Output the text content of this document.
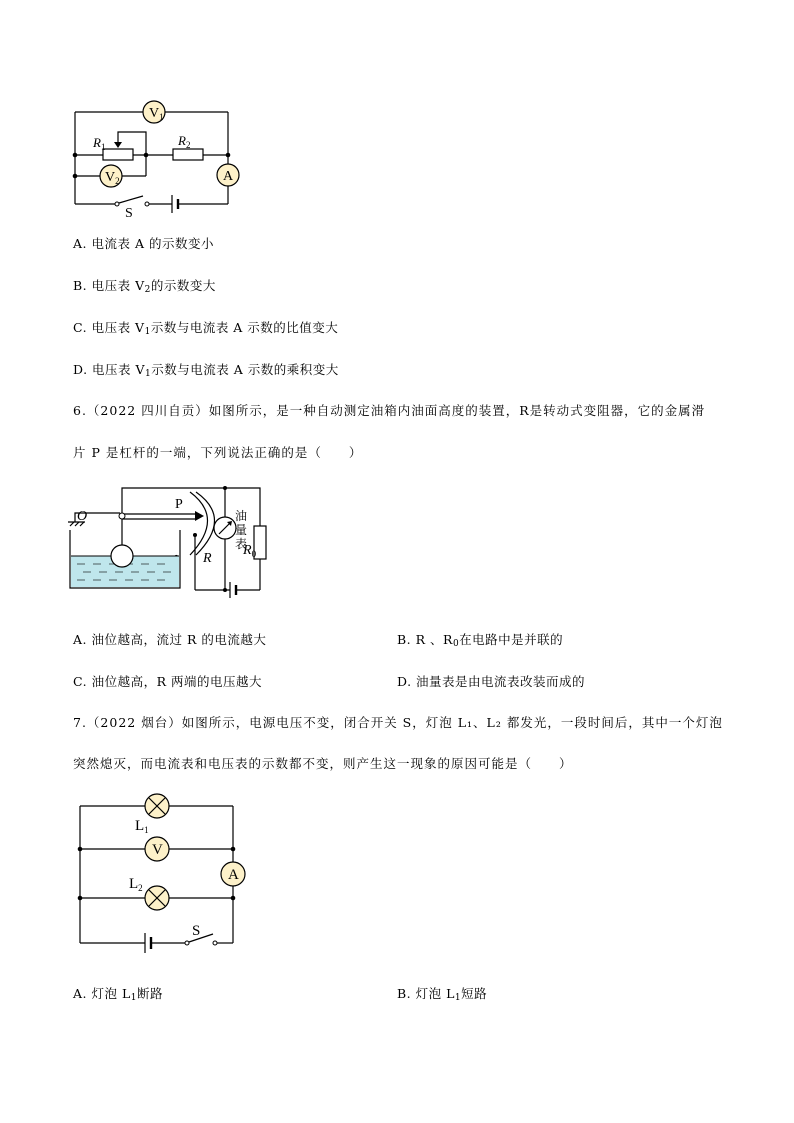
$V_1$
$V_2$	A
$R_1$	$R_2$
S
A. 电流表 A 的示数变小
B. 电压表 $V_2$的示数变大
C. 电压表 $V_1$示数与电流表 A 示数的比值变大
D. 电压表 $V_1$示数与电流表 A 示数的乘积变大
6.（2022 四川自贡）如图所示，是一种自动测定油箱内油面高度的装置，R是转动式变阻器，它的金属滑
片 P 是杠杆的一端，下列说法正确的是（　　）
O
P
R
$R_0$
油
量
表
A. 油位越高，流过 R 的电流越大	B. R 、$R_0$在电路中是并联的
C. 油位越高，R 两端的电压越大	D. 油量表是由电流表改装而成的
7.（2022 烟台）如图所示，电源电压不变，闭合开关 S，灯泡 L₁、L₂ 都发光，一段时间后，其中一个灯泡
突然熄灭，而电流表和电压表的示数都不变，则产生这一现象的原因可能是（　　）
V
A
$L_1$
$L_2$
S
A. 灯泡 $L_1$断路	B. 灯泡 $L_1$短路
